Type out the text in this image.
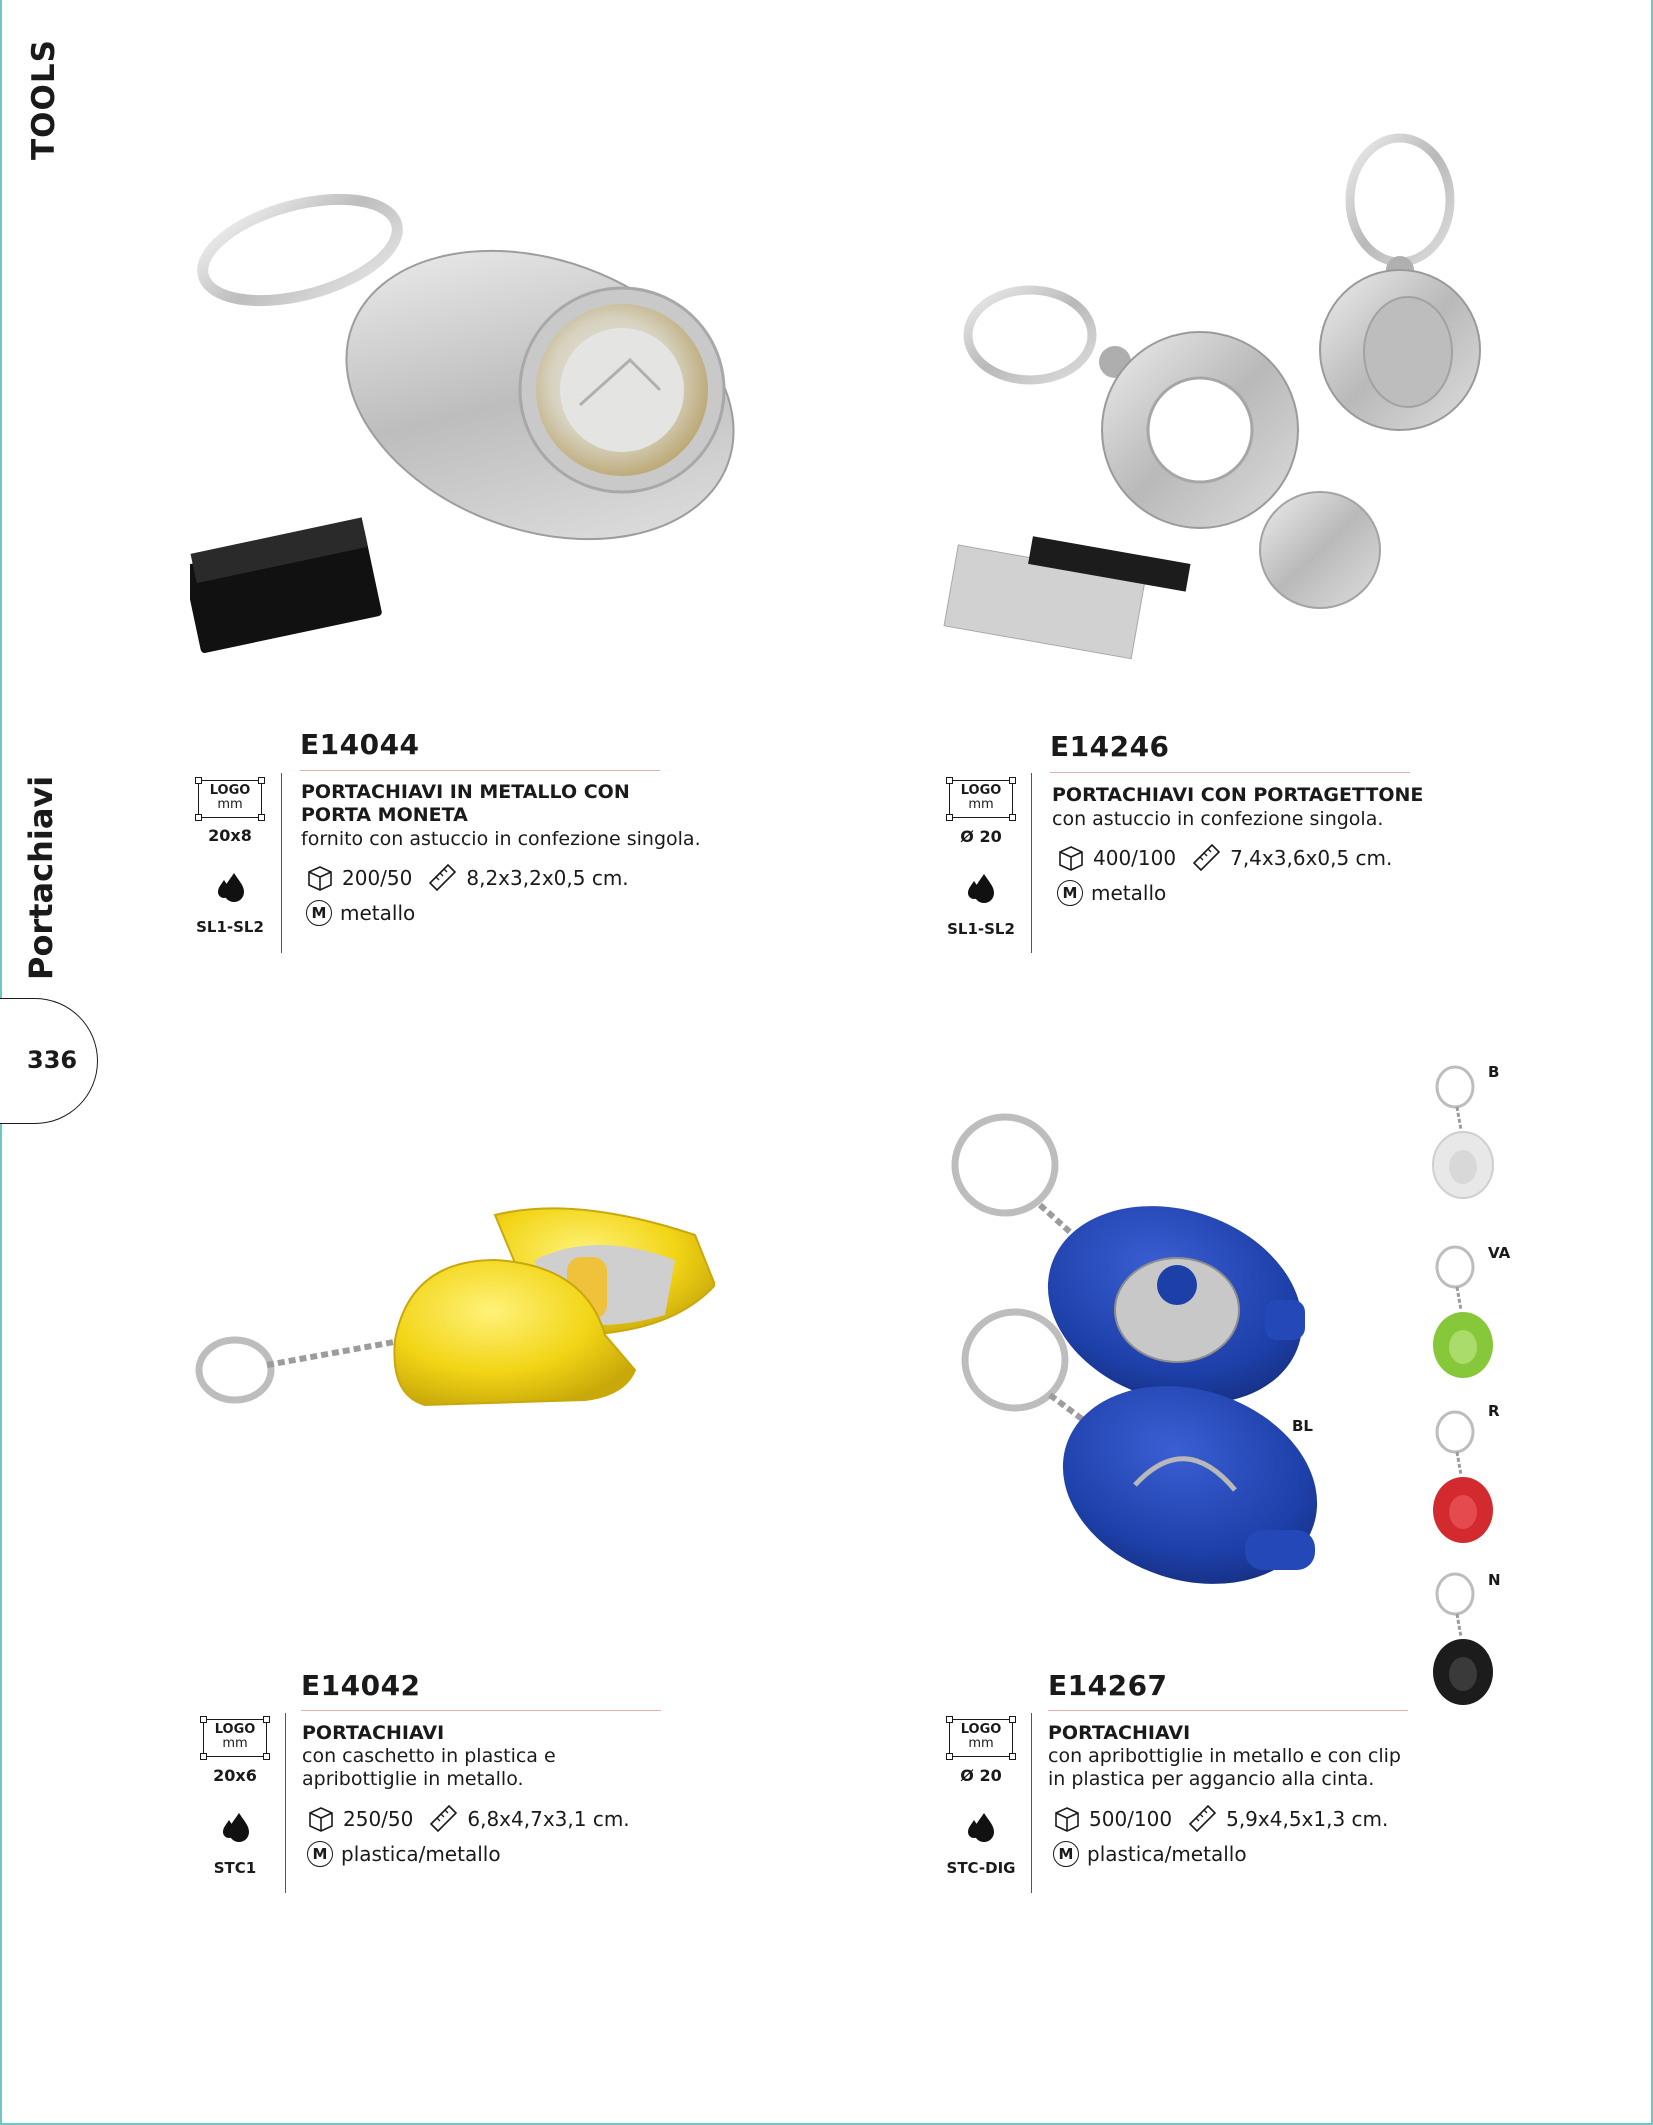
TOOLS
Portachiavi
336
BL
B
VA
R
N
E14044
LOGO
mm
20x8
SL1-SL2
PORTACHIAVI IN METALLO CON PORTA MONETA
fornito con astuccio in confezione singola.
200/50	8,2x3,2x0,5 cm.
M metallo
E14246
LOGO
mm
Ø 20
SL1-SL2
PORTACHIAVI CON PORTAGETTONE
con astuccio in confezione singola.
400/100	7,4x3,6x0,5 cm.
M metallo
E14042
LOGO
mm
20x6
STC1
PORTACHIAVI
con caschetto in plastica e apribottiglie in metallo.
250/50	6,8x4,7x3,1 cm.
M plastica/metallo
E14267
LOGO
mm
Ø 20
STC-DIG
PORTACHIAVI
con apribottiglie in metallo e con clip in plastica per aggancio alla cinta.
500/100	5,9x4,5x1,3 cm.
M plastica/metallo
